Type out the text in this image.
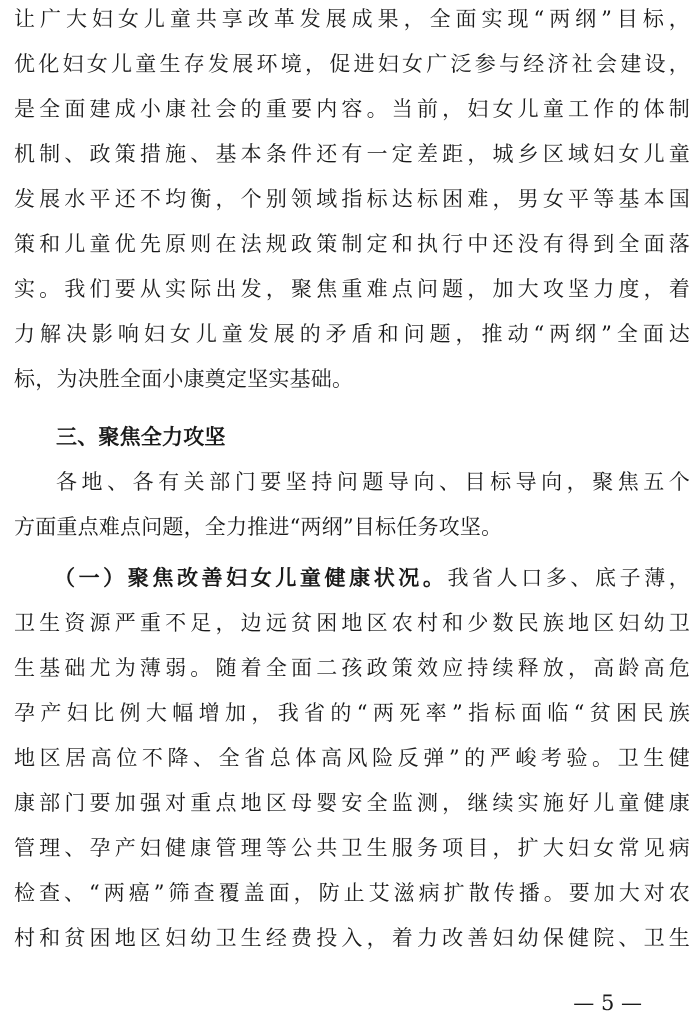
让广大妇女儿童共享改革发展成果，全面实现“两纲”目标，
优化妇女儿童生存发展环境，促进妇女广泛参与经济社会建设，
是全面建成小康社会的重要内容。当前，妇女儿童工作的体制
机制、政策措施、基本条件还有一定差距，城乡区域妇女儿童
发展水平还不均衡，个别领域指标达标困难，男女平等基本国
策和儿童优先原则在法规政策制定和执行中还没有得到全面落
实。我们要从实际出发，聚焦重难点问题，加大攻坚力度，着
力解决影响妇女儿童发展的矛盾和问题，推动“两纲”全面达
标，为决胜全面小康奠定坚实基础。
三、聚焦全力攻坚
各地、各有关部门要坚持问题导向、目标导向，聚焦五个
方面重点难点问题，全力推进“两纲”目标任务攻坚。
（一）聚焦改善妇女儿童健康状况。我省人口多、底子薄，
卫生资源严重不足，边远贫困地区农村和少数民族地区妇幼卫
生基础尤为薄弱。随着全面二孩政策效应持续释放，高龄高危
孕产妇比例大幅增加，我省的“两死率”指标面临“贫困民族
地区居高位不降、全省总体高风险反弹”的严峻考验。卫生健
康部门要加强对重点地区母婴安全监测，继续实施好儿童健康
管理、孕产妇健康管理等公共卫生服务项目，扩大妇女常见病
检查、“两癌”筛查覆盖面，防止艾滋病扩散传播。要加大对农
村和贫困地区妇幼卫生经费投入，着力改善妇幼保健院、卫生
— 5 —
